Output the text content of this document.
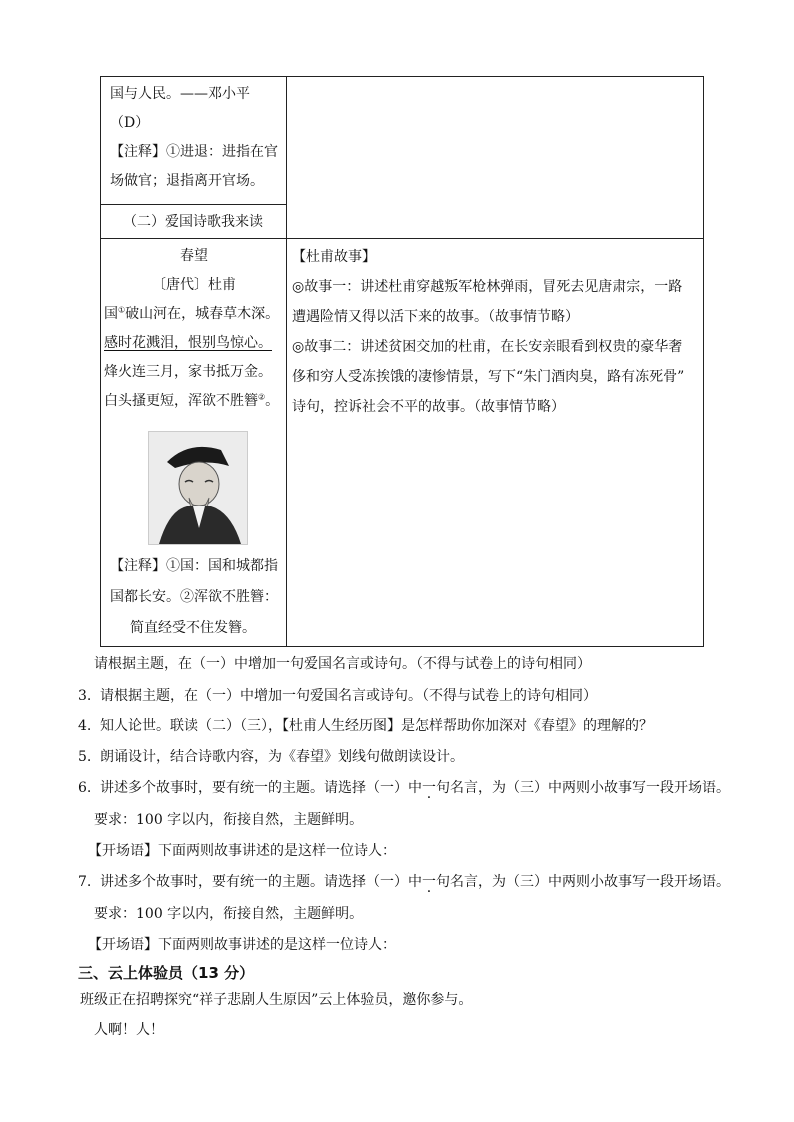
国与人民。——邓小平

（D）

【注释】①进退：进指在官

场做官；退指离开官场。

（二）爱国诗歌我来读

春望

〔唐代〕杜甫

国①破山河在，城春草木深。

感时花溅泪，恨别鸟惊心。

烽火连三月，家书抵万金。

白头搔更短，浑欲不胜簪②。

【注释】①国：国和城都指

国都长安。②浑欲不胜簪：

简直经受不住发簪。

【杜甫故事】

◎故事一：讲述杜甫穿越叛军枪林弹雨，冒死去见唐肃宗，一路

遭遇险情又得以活下来的故事。（故事情节略）

◎故事二：讲述贫困交加的杜甫，在长安亲眼看到权贵的豪华奢

侈和穷人受冻挨饿的凄惨情景，写下“朱门酒肉臭，路有冻死骨”

诗句，控诉社会不平的故事。（故事情节略）

请根据主题，在（一）中增加一句爱国名言或诗句。（不得与试卷上的诗句相同）
3. 请根据主题，在（一）中增加一句爱国名言或诗句。（不得与试卷上的诗句相同）
4. 知人论世。联读（二）（三），【杜甫人生经历图】是怎样帮助你加深对《春望》的理解的？
5. 朗诵设计，结合诗歌内容，为《春望》划线句做朗读设计。
6. 讲述多个故事时，要有统一的主题。请选择（一）中一句名言，为（三）中两则小故事写一段开场语。
要求：100 字以内，衔接自然，主题鲜明。
【开场语】下面两则故事讲述的是这样一位诗人：
7. 讲述多个故事时，要有统一的主题。请选择（一）中一句名言，为（三）中两则小故事写一段开场语。
要求：100 字以内，衔接自然，主题鲜明。
【开场语】下面两则故事讲述的是这样一位诗人：
三、云上体验员（13 分）
班级正在招聘探究“祥子悲剧人生原因”云上体验员，邀你参与。
人啊！人！
